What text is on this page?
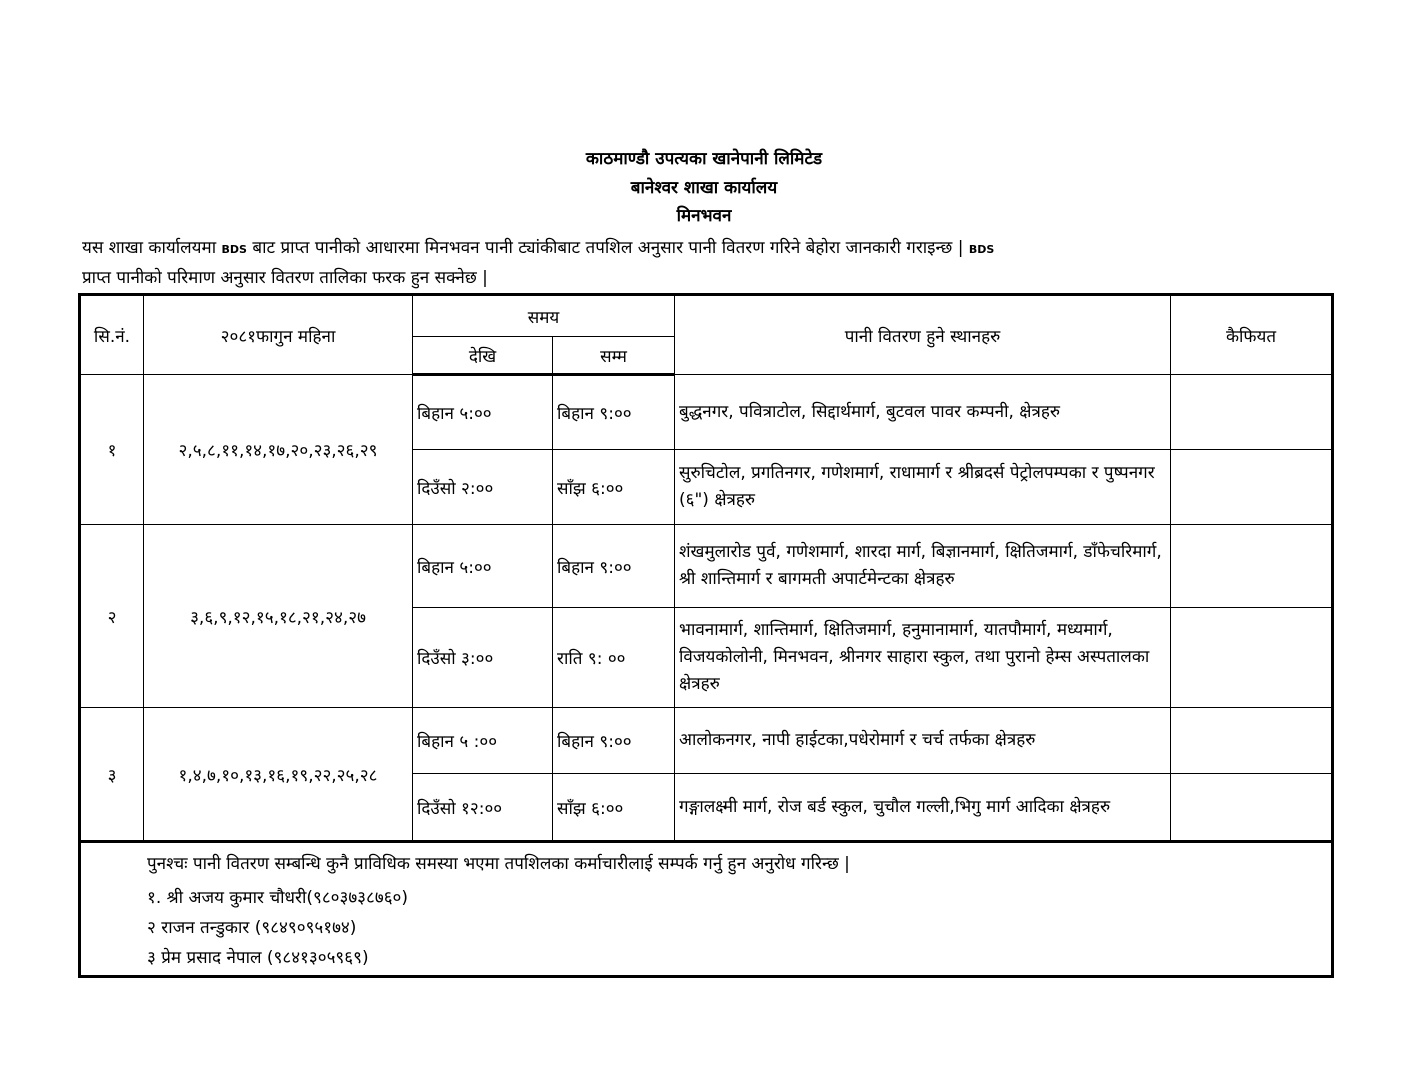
काठमाण्डौ उपत्यका खानेपानी लिमिटेड
बानेश्वर शाखा कार्यालय
मिनभवन
यस शाखा कार्यालयमा BDS बाट प्राप्त पानीको आधारमा मिनभवन पानी ट्यांकीबाट तपशिल अनुसार पानी वितरण गरिने बेहोरा जानकारी गराइन्छ | BDS
प्राप्त पानीको परिमाण अनुसार वितरण तालिका फरक हुन सक्नेछ |
सि.नं.	२०८१फागुन महिना	समय		पानी वितरण हुने स्थानहरु	कैफियत
		देखि	सम्म		
१	२,५,८,११,१४,१७,२०,२३,२६,२९	बिहान ५:००	बिहान ९:००	बुद्धनगर, पवित्राटोल, सिद्दार्थमार्ग, बुटवल पावर कम्पनी, क्षेत्रहरु	
		दिउँसो २:००	साँझ ६:००	सुरुचिटोल, प्रगतिनगर, गणेशमार्ग, राधामार्ग र श्रीब्रदर्स पेट्रोलपम्पका र पुष्पनगर (६") क्षेत्रहरु	
२	३,६,९,१२,१५,१८,२१,२४,२७	बिहान ५:००	बिहान ९:००	शंखमुलारोड पुर्व, गणेशमार्ग, शारदा मार्ग, बिज्ञानमार्ग, क्षितिजमार्ग, डाँफेचरिमार्ग, श्री शान्तिमार्ग र बागमती अपार्टमेन्टका क्षेत्रहरु	
		दिउँसो ३:००	राति ९: ००	भावनामार्ग, शान्तिमार्ग, क्षितिजमार्ग, हनुमानामार्ग, यातपौमार्ग, मध्यमार्ग, विजयकोलोनी, मिनभवन, श्रीनगर साहारा स्कुल, तथा पुरानो हेम्स अस्पतालका क्षेत्रहरु	
३	१,४,७,१०,१३,१६,१९,२२,२५,२८	बिहान ५ :००	बिहान ९:००	आलोकनगर, नापी हाईटका,पधेरोमार्ग र चर्च तर्फका क्षेत्रहरु	
		दिउँसो १२:००	साँझ ६:००	गङ्गालक्ष्मी मार्ग, रोज बर्ड स्कुल, चुचौल गल्ली,भिगु मार्ग आदिका क्षेत्रहरु	

पुनश्चः पानी वितरण सम्बन्धि कुनै प्राविधिक समस्या भएमा तपशिलका कर्माचारीलाई सम्पर्क गर्नु हुन अनुरोध गरिन्छ |
१. श्री अजय कुमार चौधरी(९८०३७३८७६०)
२ राजन तन्डुकार (९८४९०९५१७४)
३ प्रेम प्रसाद नेपाल (९८४१३०५९६९)					
